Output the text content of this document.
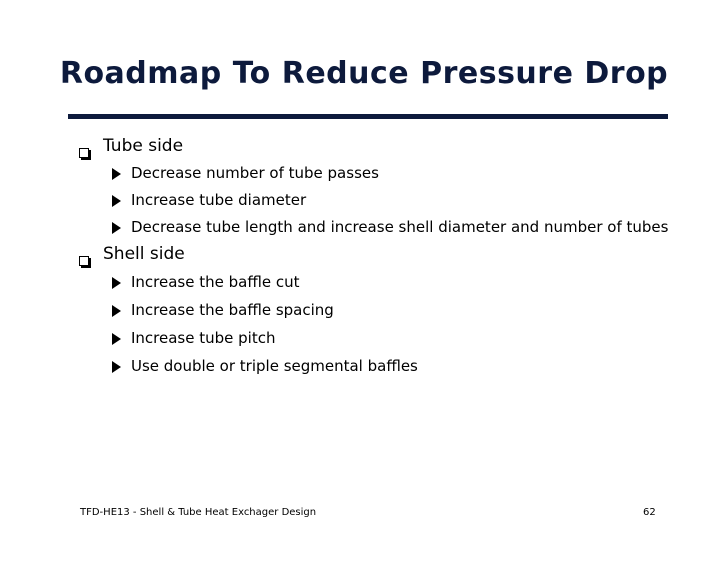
Roadmap To Reduce Pressure Drop
Tube side
Decrease number of tube passes
Increase tube diameter
Decrease tube length and increase shell diameter and number of tubes
Shell side
Increase the baffle cut
Increase the baffle spacing
Increase tube pitch
Use double or triple segmental baffles
TFD-HE13 - Shell & Tube Heat Exchager Design	62
